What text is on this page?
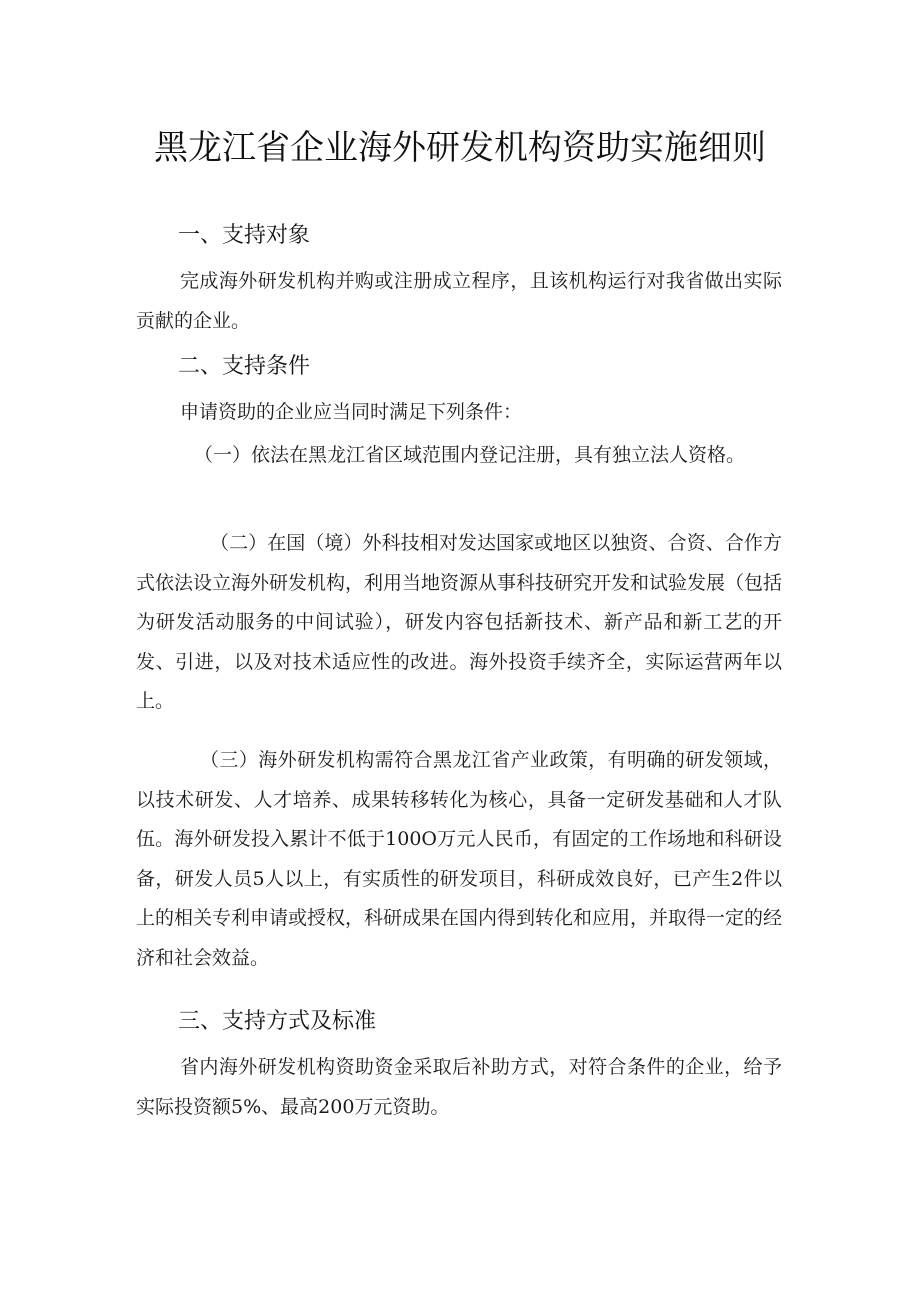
黑龙江省企业海外研发机构资助实施细则
一、支持对象

完成海外研发机构并购或注册成立程序，且该机构运行对我省做出实际贡献的企业。

二、支持条件

申请资助的企业应当同时满足下列条件：

（一）依法在黑龙江省区域范围内登记注册，具有独立法人资格。

（二）在国（境）外科技相对发达国家或地区以独资、合资、合作方式依法设立海外研发机构，利用当地资源从事科技研究开发和试验发展（包括为研发活动服务的中间试验），研发内容包括新技术、新产品和新工艺的开发、引进，以及对技术适应性的改进。海外投资手续齐全，实际运营两年以上。

（三）海外研发机构需符合黑龙江省产业政策，有明确的研发领域，以技术研发、人才培养、成果转移转化为核心，具备一定研发基础和人才队伍。海外研发投入累计不低于100O万元人民币，有固定的工作场地和科研设备，研发人员5人以上，有实质性的研发项目，科研成效良好，已产生2件以上的相关专利申请或授权，科研成果在国内得到转化和应用，并取得一定的经济和社会效益。

三、支持方式及标准

省内海外研发机构资助资金采取后补助方式，对符合条件的企业，给予实际投资额5%、最高200万元资助。
